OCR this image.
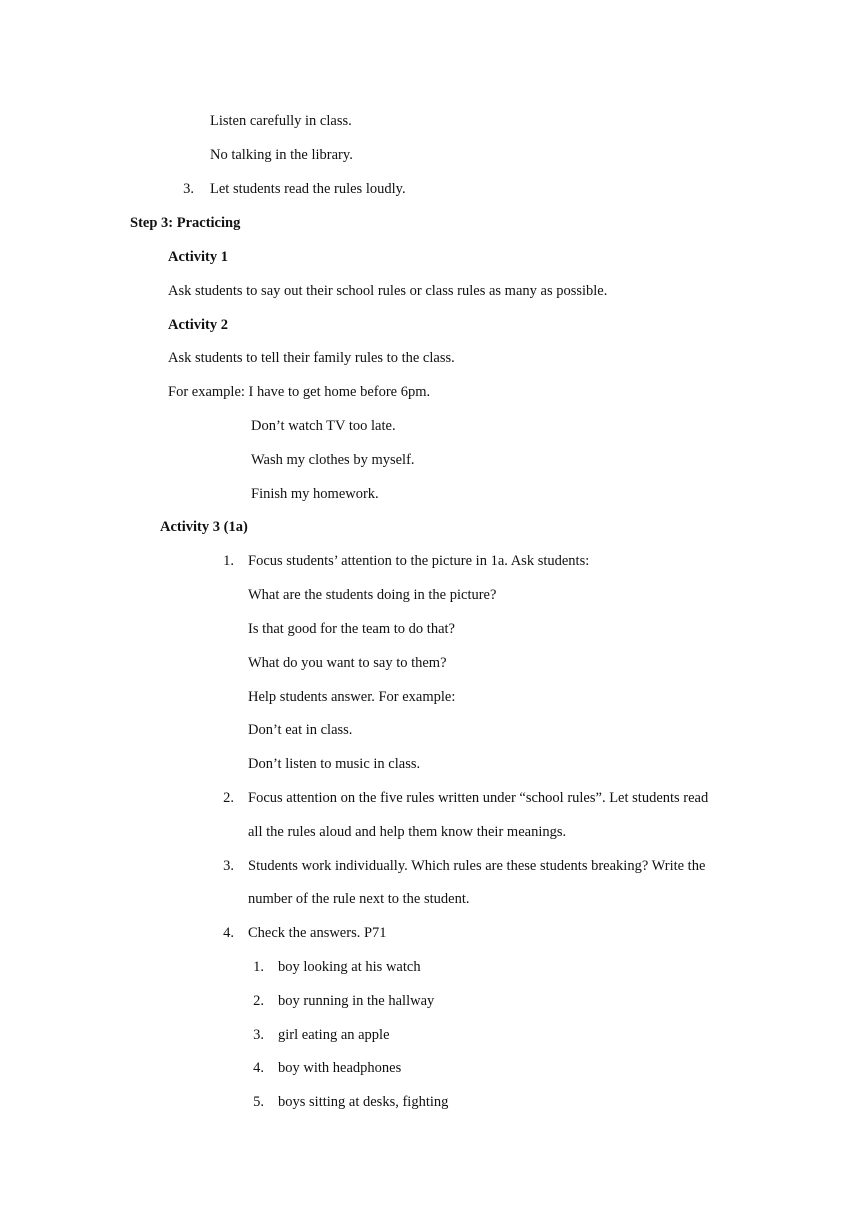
Listen carefully in class.
No talking in the library.
3. Let students read the rules loudly.
Step 3: Practicing
Activity 1
Ask students to say out their school rules or class rules as many as possible.
Activity 2
Ask students to tell their family rules to the class.
For example: I have to get home before 6pm.
Don’t watch TV too late.
Wash my clothes by myself.
Finish my homework.
Activity 3 (1a)
1. Focus students’ attention to the picture in 1a. Ask students:
What are the students doing in the picture?
Is that good for the team to do that?
What do you want to say to them?
Help students answer. For example:
Don’t eat in class.
Don’t listen to music in class.
2. Focus attention on the five rules written under “school rules”. Let students read
all the rules aloud and help them know their meanings.
3. Students work individually. Which rules are these students breaking? Write the
number of the rule next to the student.
4. Check the answers. P71
1. boy looking at his watch
2. boy running in the hallway
3. girl eating an apple
4. boy with headphones
5. boys sitting at desks, fighting
